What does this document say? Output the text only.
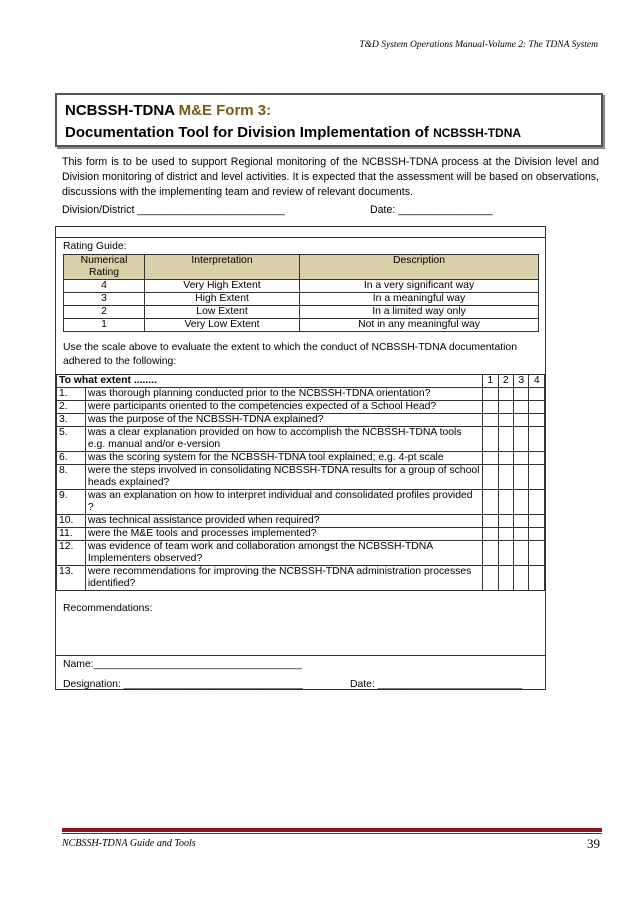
T&D System Operations Manual-Volume 2: The TDNA System
NCBSSH-TDNA M&E Form 3:
Documentation Tool for Division Implementation of NCBSSH-TDNA
This form is to be used to support Regional monitoring of the NCBSSH-TDNA process at the Division level and Division monitoring of district and level activities. It is expected that the assessment will be based on observations, discussions with the implementing team and review of relevant documents.
Division/District _________________________	Date: ________________
Rating Guide:
Numerical Rating	Interpretation	Description
4	Very High Extent	In a very significant way
3	High Extent	In a meaningful way
2	Low Extent	In a limited way only
1	Very Low Extent	Not in any meaningful way
Use the scale above to evaluate the extent to which the conduct of NCBSSH-TDNA documentation adhered to the following:
To what extent ........		1	2	3	4
1.	was thorough planning conducted prior to the NCBSSH-TDNA orientation?				
2.	were participants oriented to the competencies expected of a School Head?				
3.	was the purpose of the NCBSSH-TDNA explained?				
5.	was a clear explanation provided on how to accomplish the NCBSSH-TDNA tools e.g. manual and/or e-version				
6.	was the scoring system for the NCBSSH-TDNA tool explained; e.g. 4-pt scale				
8.	were the steps involved in consolidating NCBSSH-TDNA results for a group of school heads explained?				
9.	was an explanation on how to interpret individual and consolidated profiles provided ?				
10.	was technical assistance provided when required?				
11.	were the M&E tools and processes implemented?				
12.	was evidence of team work and collaboration amongst the NCBSSH-TDNA Implementers observed?				
13.	were recommendations for improving the NCBSSH-TDNA administration processes identified?				
Recommendations:
Name:____________________________________
Designation: _______________________________	Date: _________________________
NCBSSH-TDNA Guide and Tools	39
